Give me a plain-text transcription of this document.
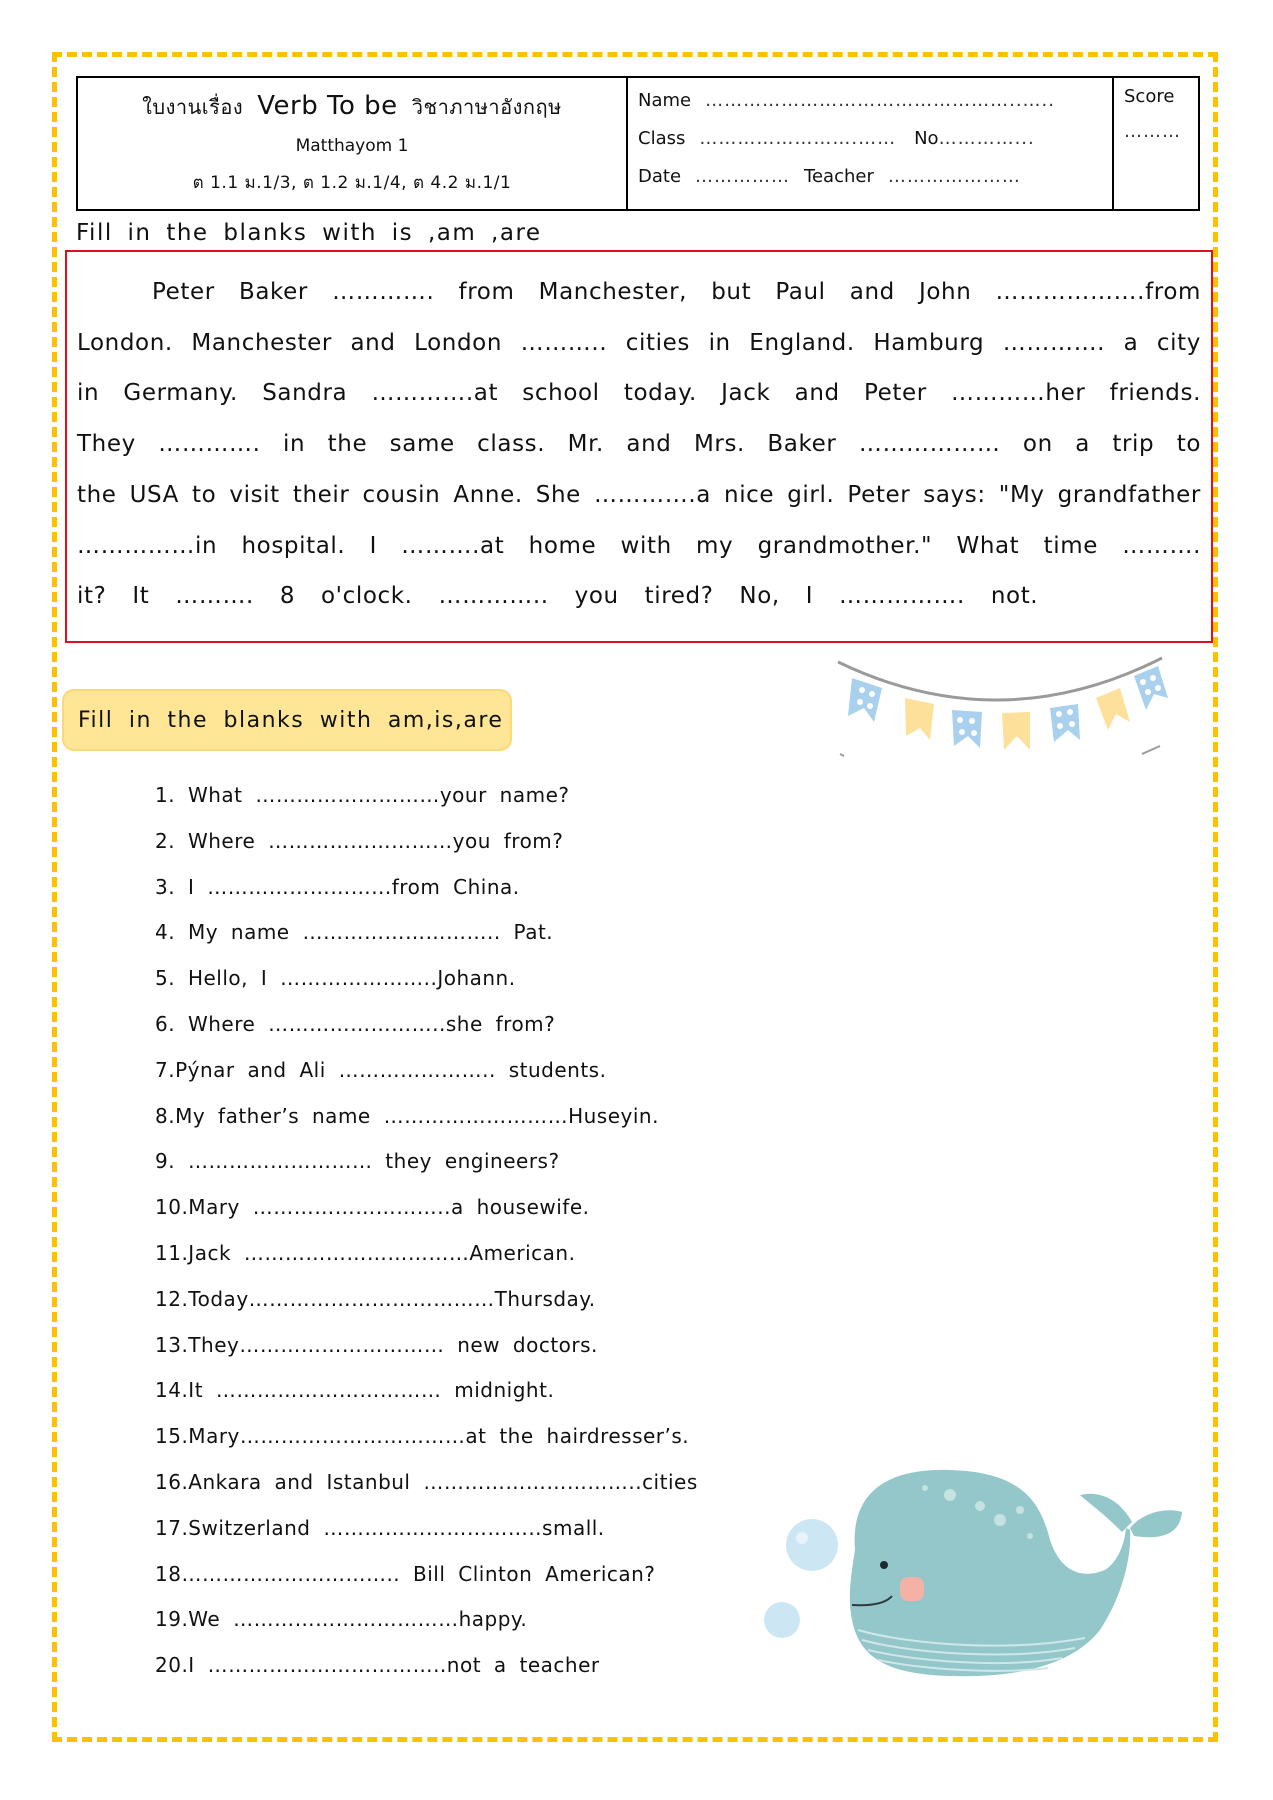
ใบงานเรื่อง Verb To be วิชาภาษาอังกฤษ
Matthayom 1
ต 1.1 ม.1/3, ต 1.2 ม.1/4, ต 4.2 ม.1/1
Name …………………………………………..…..
Class …………………….…… No …………...
Date …………… Teacher …………………
Score
………
Fill in the blanks with is ,am ,are
Peter Baker …………. from Manchester, but Paul and John ……………….from
London. Manchester and London ……….. cities in England. Hamburg …………. a city
in Germany. Sandra ………….at school today. Jack and Peter …………her friends.
They …………. in the same class. Mr. and Mrs. Baker ……………… on a trip to
the USA to visit their cousin Anne. She ………….a nice girl. Peter says: "My grandfather
……………in hospital. I ……….at home with my grandmother." What time ……….
it? It ………. 8 o'clock. ………….. you tired? No, I ……………. not.
Fill in the blanks with am,is,are
1. What ………………………your name?
2. Where ………………………you from?
3. I ……………………...from China.
4. My name ……………………….. Pat.
5. Hello, I …………………..Johann.
6. Where ……………………..she from?
7.Pýnar and Ali ………………….. students.
8.My father’s name ………………………Huseyin.
9. ……………………… they engineers?
10.Mary ………………………..a housewife.
11.Jack ……………………………American.
12.Today………………………………Thursday.
13.They………………………… new doctors.
14.It …………………………… midnight.
15.Mary……………………………at the hairdresser’s.
16.Ankara and Istanbul …………………………..cities
17.Switzerland …………………………..small.
18………………………….. Bill Clinton American?
19.We ……………………………happy.
20.I ……………………………..not a teacher
